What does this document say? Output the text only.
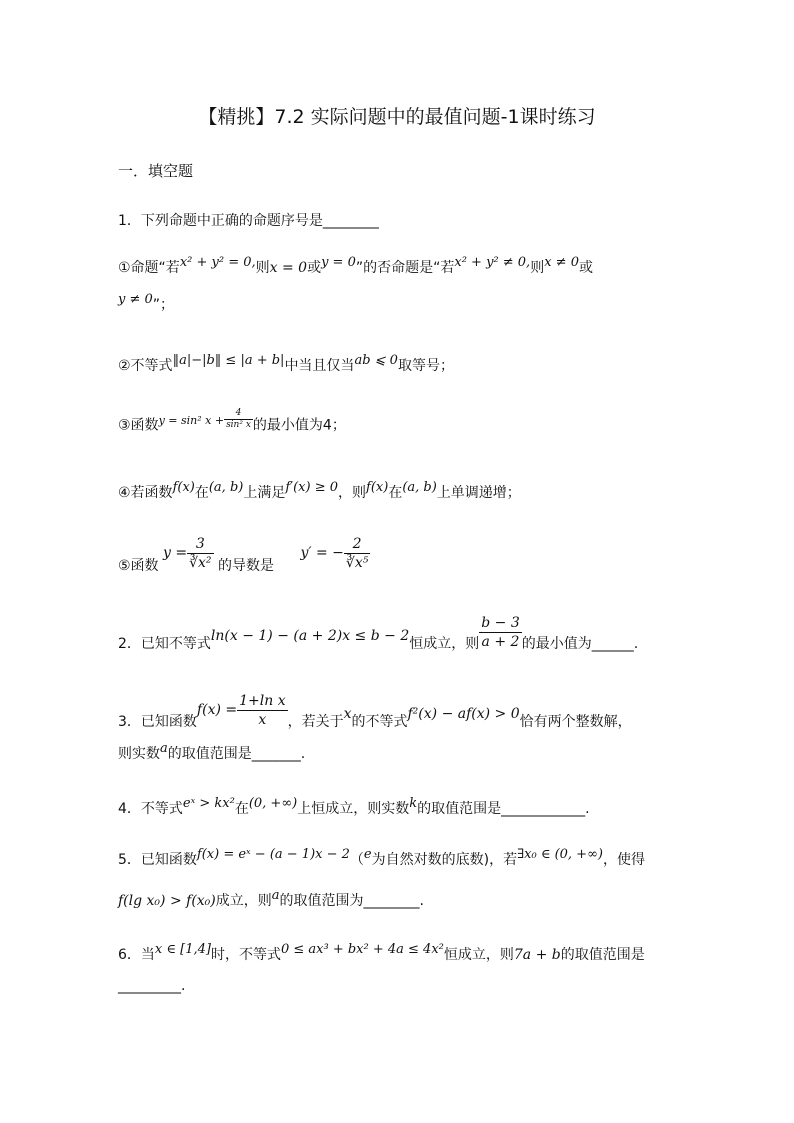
【精挑】7.2 实际问题中的最值问题-1课时练习
一．填空题
1．下列命题中正确的命题序号是________
①命题“若x² + y² = 0,则x = 0或y = 0”的否命题是“若x² + y² ≠ 0,则x ≠ 0或
y ≠ 0”；
②不等式‖a|−|b‖ ≤ |a + b|中当且仅当ab ⩽ 0取等号；
③函数$^{y = sin^2 x +} \frac{4}{\text{sin² x}}$ 的最小值为4；
④若函数f(x)在(a, b)上满足f′(x) ≥ 0，则f(x)在(a, b)上单调递增；
⑤函数 $y = \frac{3}{\text{∛x²}}$ 的导数是 y′ = − $\frac{2}{\text{∛x⁵}}$
2．已知不等式ln(x − 1) − (a + 2)x ≤ b − 2恒成立，则 $\frac{b - 3}{a + 2}$ 的最小值为______.
3．已知函数$f(x) = \frac{\text{1+ln x}}{x}$ ，若关于x的不等式f²(x) − af(x) > 0恰有两个整数解，
则实数a的取值范围是_______.
4．不等式eˣ > kx²在(0, +∞)上恒成立，则实数k的取值范围是____________.
5．已知函数f(x) = eˣ − (a − 1)x − 2（e为自然对数的底数)，若∃x₀ ∈ (0, +∞)，使得
f(lg x₀) > f(x₀)成立，则a的取值范围为________.
6．当x ∈ [1,4]时，不等式0 ≤ ax³ + bx² + 4a ≤ 4x²恒成立，则7a + b的取值范围是
_________.
